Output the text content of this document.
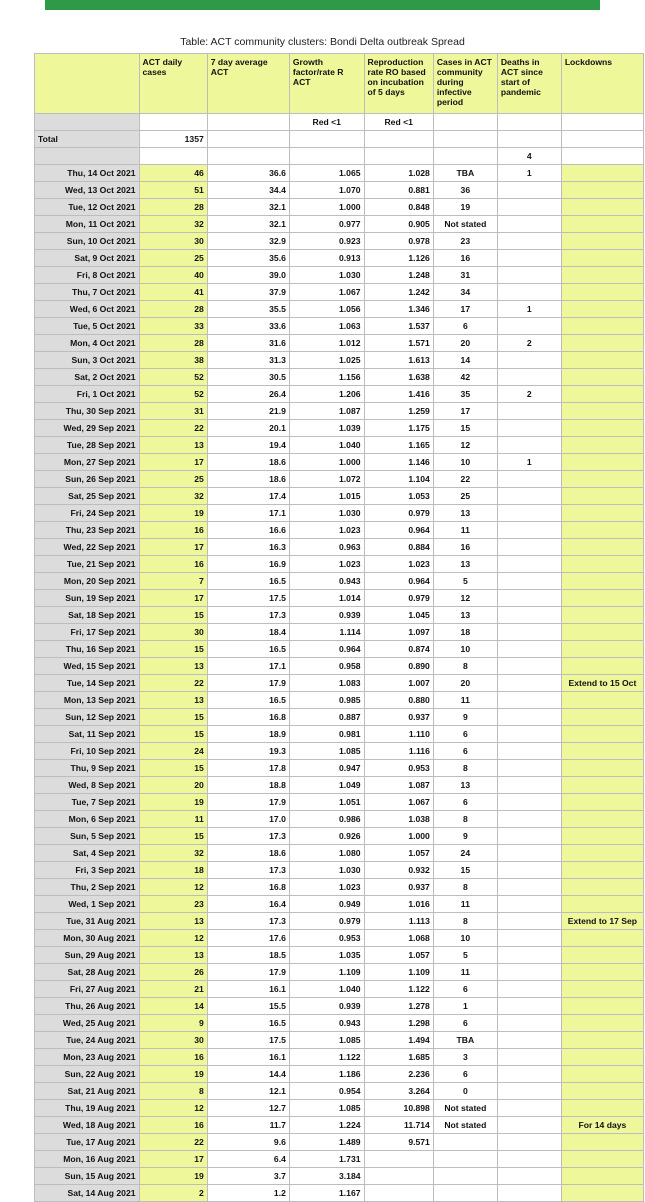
Table: ACT community clusters: Bondi Delta outbreak Spread
	ACT daily cases	7 day average ACT	Growth factor/rate R ACT	Reproduction rate RO based on incubation of 5 days	Cases in ACT community during infective period	Deaths in ACT since start of pandemic	Lockdowns
			Red <1	Red <1			
Total	1357						
						4	
Thu, 14 Oct 2021	46	36.6	1.065	1.028	TBA	1	
Wed, 13 Oct 2021	51	34.4	1.070	0.881	36		
Tue, 12 Oct 2021	28	32.1	1.000	0.848	19		
Mon, 11 Oct 2021	32	32.1	0.977	0.905	Not stated		
Sun, 10 Oct 2021	30	32.9	0.923	0.978	23		
Sat, 9 Oct 2021	25	35.6	0.913	1.126	16		
Fri, 8 Oct 2021	40	39.0	1.030	1.248	31		
Thu, 7 Oct 2021	41	37.9	1.067	1.242	34		
Wed, 6 Oct 2021	28	35.5	1.056	1.346	17	1	
Tue, 5 Oct 2021	33	33.6	1.063	1.537	6		
Mon, 4 Oct 2021	28	31.6	1.012	1.571	20	2	
Sun, 3 Oct 2021	38	31.3	1.025	1.613	14		
Sat, 2 Oct 2021	52	30.5	1.156	1.638	42		
Fri, 1 Oct 2021	52	26.4	1.206	1.416	35	2	
Thu, 30 Sep 2021	31	21.9	1.087	1.259	17		
Wed, 29 Sep 2021	22	20.1	1.039	1.175	15		
Tue, 28 Sep 2021	13	19.4	1.040	1.165	12		
Mon, 27 Sep 2021	17	18.6	1.000	1.146	10	1	
Sun, 26 Sep 2021	25	18.6	1.072	1.104	22		
Sat, 25 Sep 2021	32	17.4	1.015	1.053	25		
Fri, 24 Sep 2021	19	17.1	1.030	0.979	13		
Thu, 23 Sep 2021	16	16.6	1.023	0.964	11		
Wed, 22 Sep 2021	17	16.3	0.963	0.884	16		
Tue, 21 Sep 2021	16	16.9	1.023	1.023	13		
Mon, 20 Sep 2021	7	16.5	0.943	0.964	5		
Sun, 19 Sep 2021	17	17.5	1.014	0.979	12		
Sat, 18 Sep 2021	15	17.3	0.939	1.045	13		
Fri, 17 Sep 2021	30	18.4	1.114	1.097	18		
Thu, 16 Sep 2021	15	16.5	0.964	0.874	10		
Wed, 15 Sep 2021	13	17.1	0.958	0.890	8		
Tue, 14 Sep 2021	22	17.9	1.083	1.007	20		Extend to 15 Oct
Mon, 13 Sep 2021	13	16.5	0.985	0.880	11		
Sun, 12 Sep 2021	15	16.8	0.887	0.937	9		
Sat, 11 Sep 2021	15	18.9	0.981	1.110	6		
Fri, 10 Sep 2021	24	19.3	1.085	1.116	6		
Thu, 9 Sep 2021	15	17.8	0.947	0.953	8		
Wed, 8 Sep 2021	20	18.8	1.049	1.087	13		
Tue, 7 Sep 2021	19	17.9	1.051	1.067	6		
Mon, 6 Sep 2021	11	17.0	0.986	1.038	8		
Sun, 5 Sep 2021	15	17.3	0.926	1.000	9		
Sat, 4 Sep 2021	32	18.6	1.080	1.057	24		
Fri, 3 Sep 2021	18	17.3	1.030	0.932	15		
Thu, 2 Sep 2021	12	16.8	1.023	0.937	8		
Wed, 1 Sep 2021	23	16.4	0.949	1.016	11		
Tue, 31 Aug 2021	13	17.3	0.979	1.113	8		Extend to 17 Sep
Mon, 30 Aug 2021	12	17.6	0.953	1.068	10		
Sun, 29 Aug 2021	13	18.5	1.035	1.057	5		
Sat, 28 Aug 2021	26	17.9	1.109	1.109	11		
Fri, 27 Aug 2021	21	16.1	1.040	1.122	6		
Thu, 26 Aug 2021	14	15.5	0.939	1.278	1		
Wed, 25 Aug 2021	9	16.5	0.943	1.298	6		
Tue, 24 Aug 2021	30	17.5	1.085	1.494	TBA		
Mon, 23 Aug 2021	16	16.1	1.122	1.685	3		
Sun, 22 Aug 2021	19	14.4	1.186	2.236	6		
Sat, 21 Aug 2021	8	12.1	0.954	3.264	0		
Thu, 19 Aug 2021	12	12.7	1.085	10.898	Not stated		
Wed, 18 Aug 2021	16	11.7	1.224	11.714	Not stated		For 14 days
Tue, 17 Aug 2021	22	9.6	1.489	9.571			
Mon, 16 Aug 2021	17	6.4	1.731				
Sun, 15 Aug 2021	19	3.7	3.184				
Sat, 14 Aug 2021	2	1.2	1.167				
